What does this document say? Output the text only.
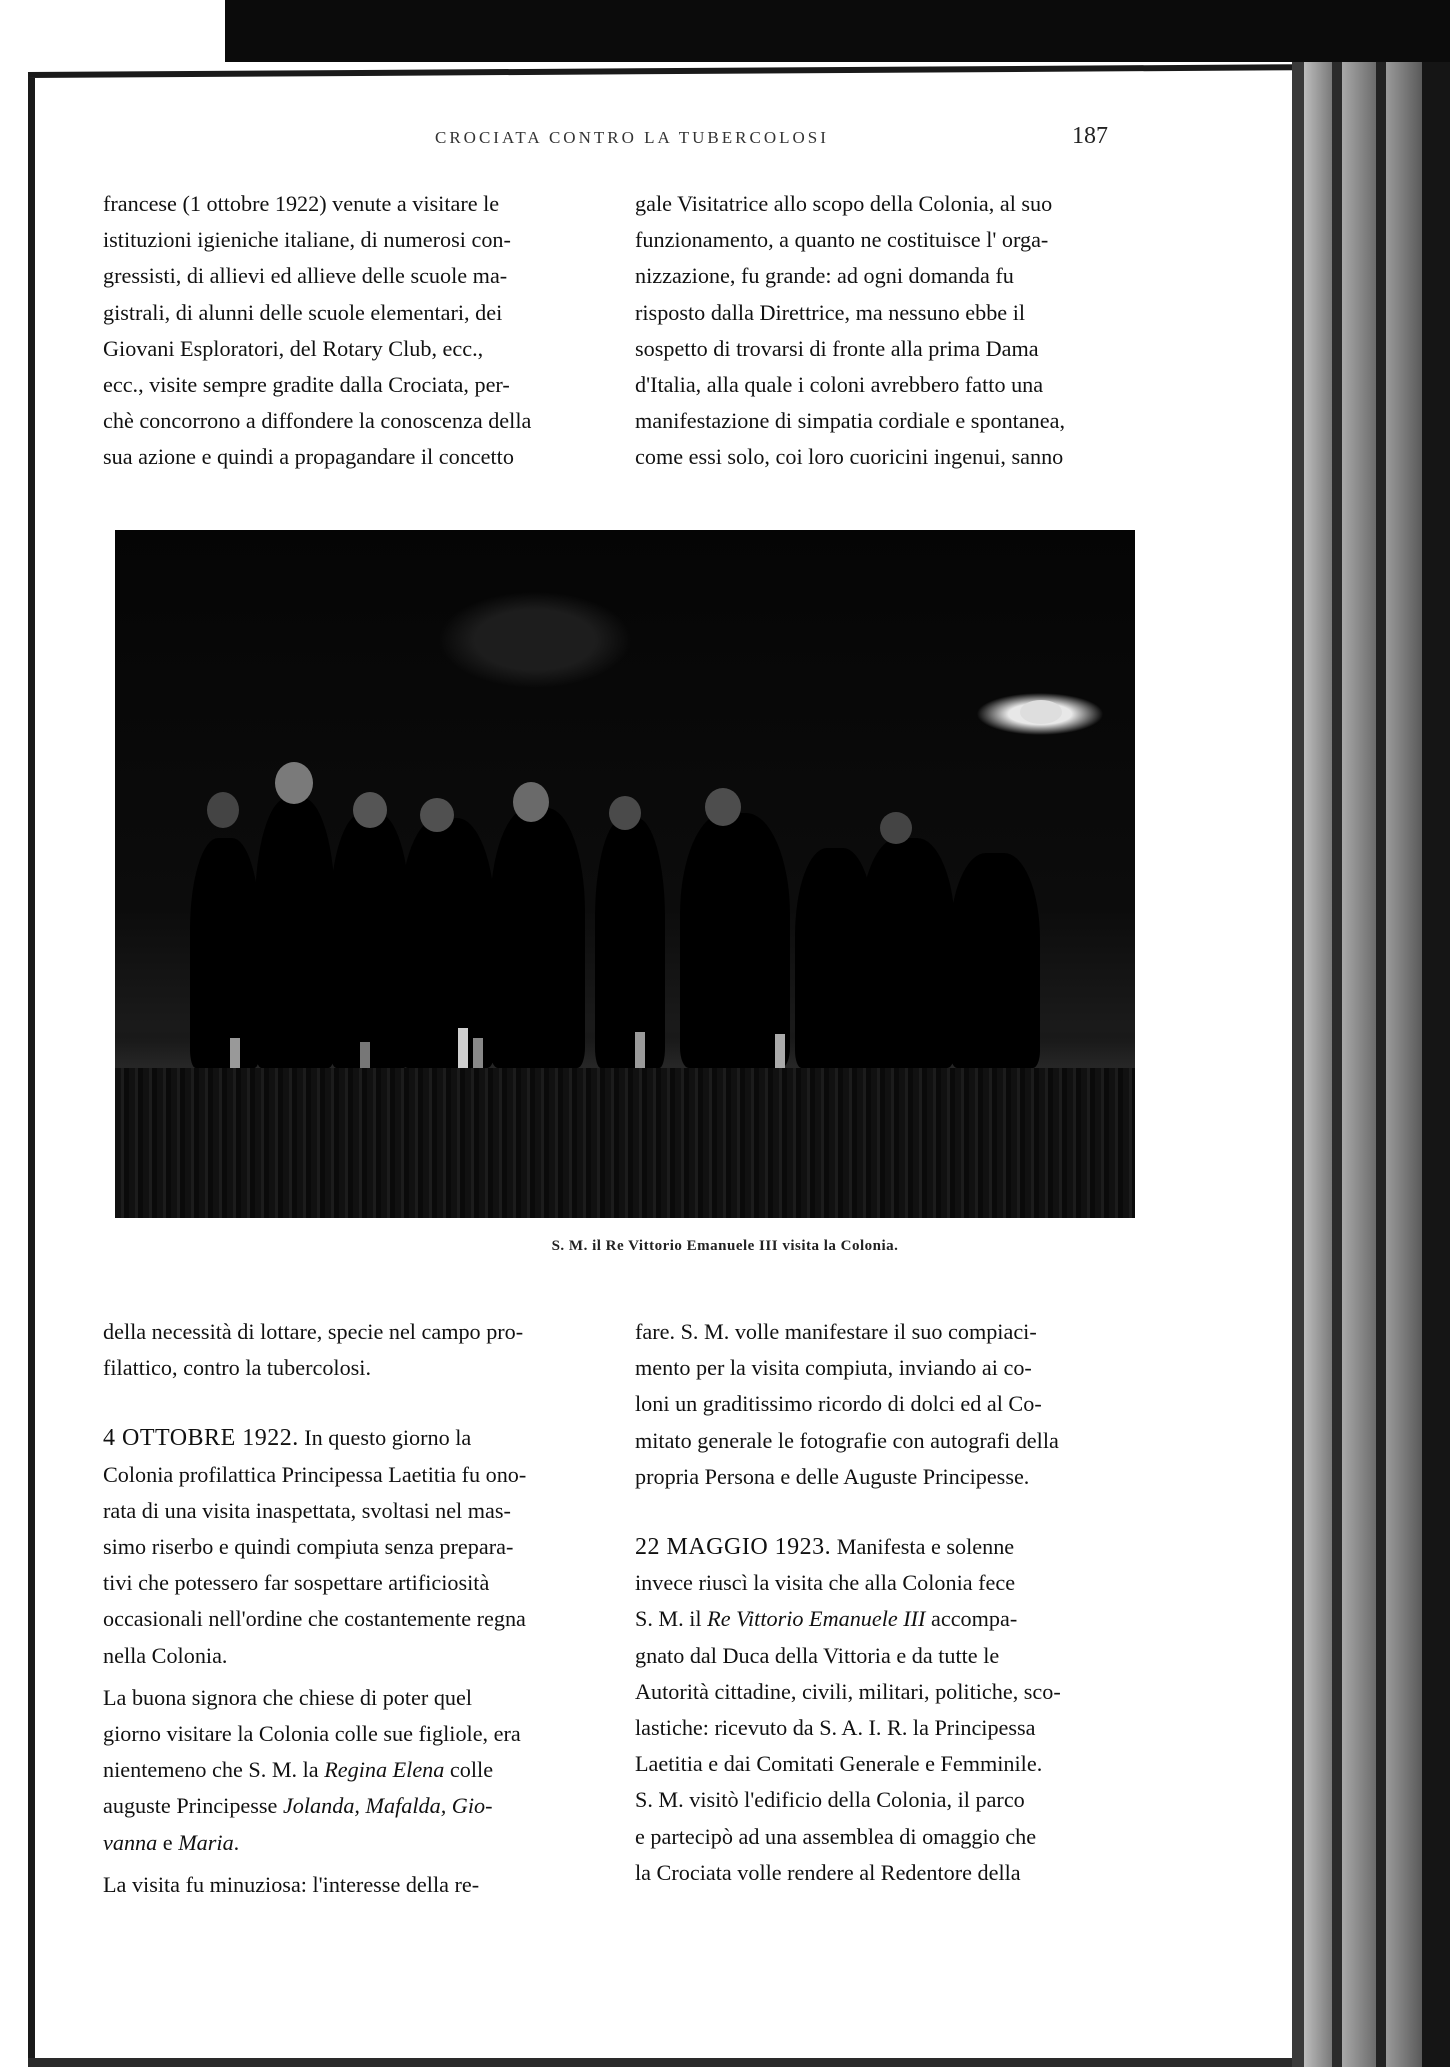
CROCIATA CONTRO LA TUBERCOLOSI	187

francese (1 ottobre 1922) venute a visitare le

istituzioni igieniche italiane, di numerosi con-

gressisti, di allievi ed allieve delle scuole ma-

gistrali, di alunni delle scuole elementari, dei

Giovani Esploratori, del Rotary Club, ecc.,

ecc., visite sempre gradite dalla Crociata, per-

chè concorrono a diffondere la conoscenza della

sua azione e quindi a propagandare il concetto

gale Visitatrice allo scopo della Colonia, al suo

funzionamento, a quanto ne costituisce l' orga-

nizzazione, fu grande: ad ogni domanda fu

risposto dalla Direttrice, ma nessuno ebbe il

sospetto di trovarsi di fronte alla prima Dama

d'Italia, alla quale i coloni avrebbero fatto una

manifestazione di simpatia cordiale e spontanea,

come essi solo, coi loro cuoricini ingenui, sanno

S. M. il Re Vittorio Emanuele III visita la Colonia.

della necessità di lottare, specie nel campo pro-

filattico, contro la tubercolosi.

4 OTTOBRE 1922. In questo giorno la

Colonia profilattica Principessa Laetitia fu ono-

rata di una visita inaspettata, svoltasi nel mas-

simo riserbo e quindi compiuta senza prepara-

tivi che potessero far sospettare artificiosità

occasionali nell'ordine che costantemente regna

nella Colonia.

La buona signora che chiese di poter quel

giorno visitare la Colonia colle sue figliole, era

nientemeno che S. M. la Regina Elena colle

auguste Principesse Jolanda, Mafalda, Gio-

vanna e Maria.

La visita fu minuziosa: l'interesse della re-

fare. S. M. volle manifestare il suo compiaci-

mento per la visita compiuta, inviando ai co-

loni un graditissimo ricordo di dolci ed al Co-

mitato generale le fotografie con autografi della

propria Persona e delle Auguste Principesse.

22 MAGGIO 1923. Manifesta e solenne

invece riuscì la visita che alla Colonia fece

S. M. il Re Vittorio Emanuele III accompa-

gnato dal Duca della Vittoria e da tutte le

Autorità cittadine, civili, militari, politiche, sco-

lastiche: ricevuto da S. A. I. R. la Principessa

Laetitia e dai Comitati Generale e Femminile.

S. M. visitò l'edificio della Colonia, il parco

e partecipò ad una assemblea di omaggio che

la Crociata volle rendere al Redentore della
